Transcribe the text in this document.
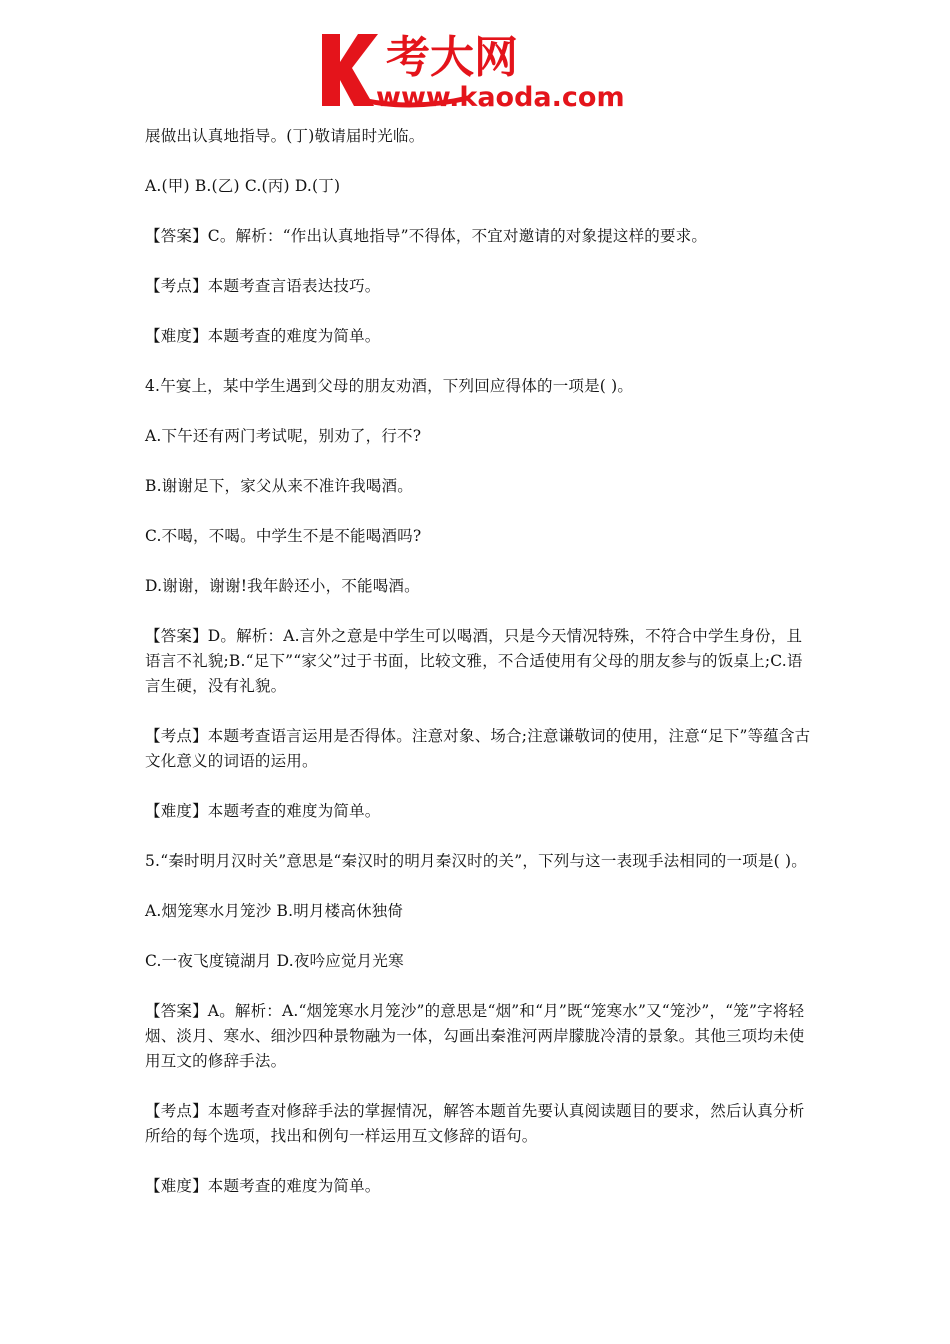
考大网
www.kaoda.com

展做出认真地指导。(丁)敬请届时光临。

A.(甲) B.(乙) C.(丙) D.(丁)

【答案】C。解析：“作出认真地指导”不得体，不宜对邀请的对象提这样的要求。

【考点】本题考查言语表达技巧。

【难度】本题考查的难度为简单。

4.午宴上，某中学生遇到父母的朋友劝酒，下列回应得体的一项是( )。

A.下午还有两门考试呢，别劝了，行不?

B.谢谢足下，家父从来不准许我喝酒。

C.不喝，不喝。中学生不是不能喝酒吗?

D.谢谢，谢谢!我年龄还小，不能喝酒。

【答案】D。解析：A.言外之意是中学生可以喝酒，只是今天情况特殊，不符合中学生身份，且语言不礼貌;B.“足下”“家父”过于书面，比较文雅，不合适使用有父母的朋友参与的饭桌上;C.语言生硬，没有礼貌。

【考点】本题考查语言运用是否得体。注意对象、场合;注意谦敬词的使用，注意“足下”等蕴含古文化意义的词语的运用。

【难度】本题考查的难度为简单。

5.“秦时明月汉时关”意思是“秦汉时的明月秦汉时的关”，下列与这一表现手法相同的一项是( )。

A.烟笼寒水月笼沙 B.明月楼高休独倚

C.一夜飞度镜湖月 D.夜吟应觉月光寒

【答案】A。解析：A.“烟笼寒水月笼沙”的意思是“烟”和“月”既“笼寒水”又“笼沙”，“笼”字将轻烟、淡月、寒水、细沙四种景物融为一体，勾画出秦淮河两岸朦胧冷清的景象。其他三项均未使用互文的修辞手法。

【考点】本题考查对修辞手法的掌握情况，解答本题首先要认真阅读题目的要求，然后认真分析所给的每个选项，找出和例句一样运用互文修辞的语句。

【难度】本题考查的难度为简单。
